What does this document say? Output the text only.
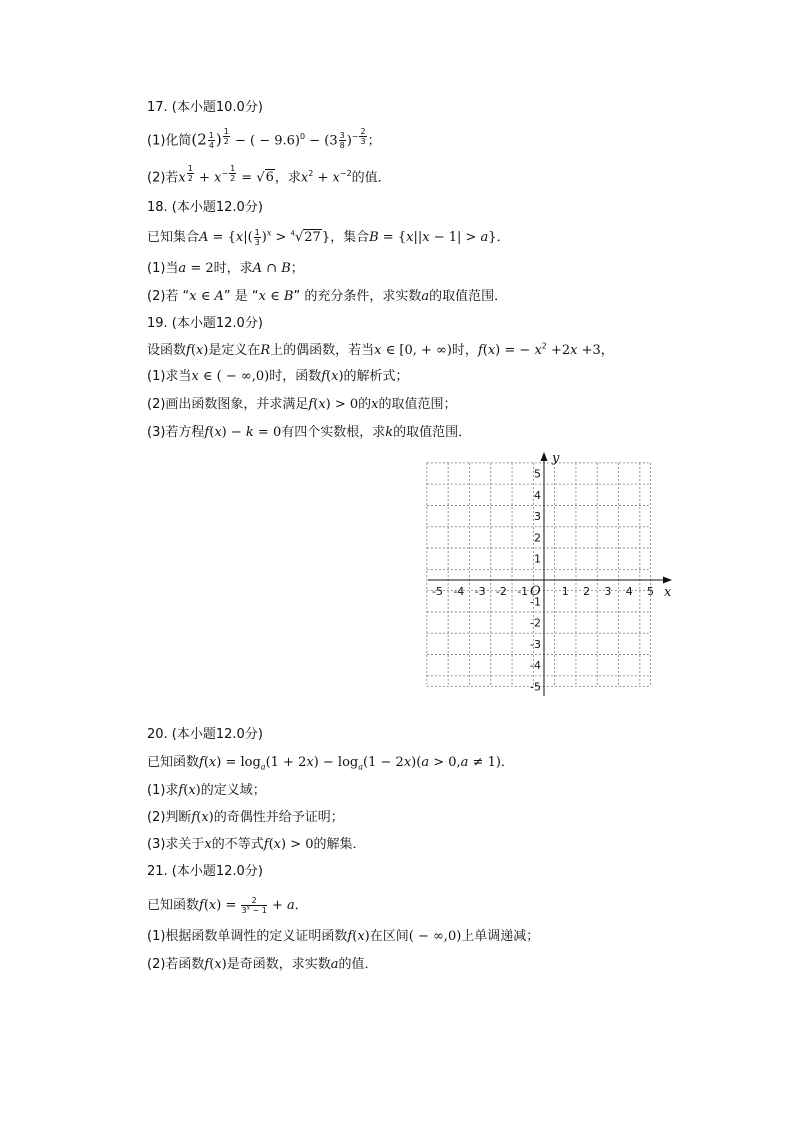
17. (本小题10.0分)
(1)化简($2 \frac{1}{4}$ ) $^{\frac{1}{2}}$ − ( − $9.6)^0 - (3 \frac{3}{8} )^{- \frac{2}{3}}$ ；
(2)若x $^{\frac{1}{2}} + x^{- \frac{1}{2}} = √6$，求$x^2 + x^{-2}$的值．
18. (本小题12.0分)
已知集合$A = \{x|( \frac{1}{3} )^x > ^4√27\}$，集合B = {x||x − 1| > a}．
(1)当a = 2时，求A ∩ B；
(2)若 “x ∈ A” 是 “x ∈ B” 的充分条件，求实数a的取值范围．
19. (本小题12.0分)
设函数f(x)是定义在R上的偶函数，若当x ∈ [0, + ∞)时，f(x) = − $x^2 +2x +3$，
(1)求当x ∈ ( − ∞,0)时，函数f(x)的解析式；
(2)画出函数图象，并求满足f(x) > 0的x的取值范围；
(3)若方程f(x) − k = 0有四个实数根，求k的取值范围．
x
y
O
-5 -4 -3 -2 -1	1 2 3 4 5
5
4
3
2
1
-1
-2
-3
-4
-5
20. (本小题12.0分)
已知函数$f(x) = \log_a(1 + 2x) - \log_a(1 - 2x)(a > 0,a \ne 1)$．
(1)求f(x)的定义域；
(2)判断f(x)的奇偶性并给予证明；
(3)求关于x的不等式f(x) > 0的解集．
21. (本小题12.0分)
已知函数$f(x) = \frac{2}{3^x - 1} + a$．
(1)根据函数单调性的定义证明函数f(x)在区间( − ∞,0)上单调递减；
(2)若函数f(x)是奇函数，求实数a的值．
